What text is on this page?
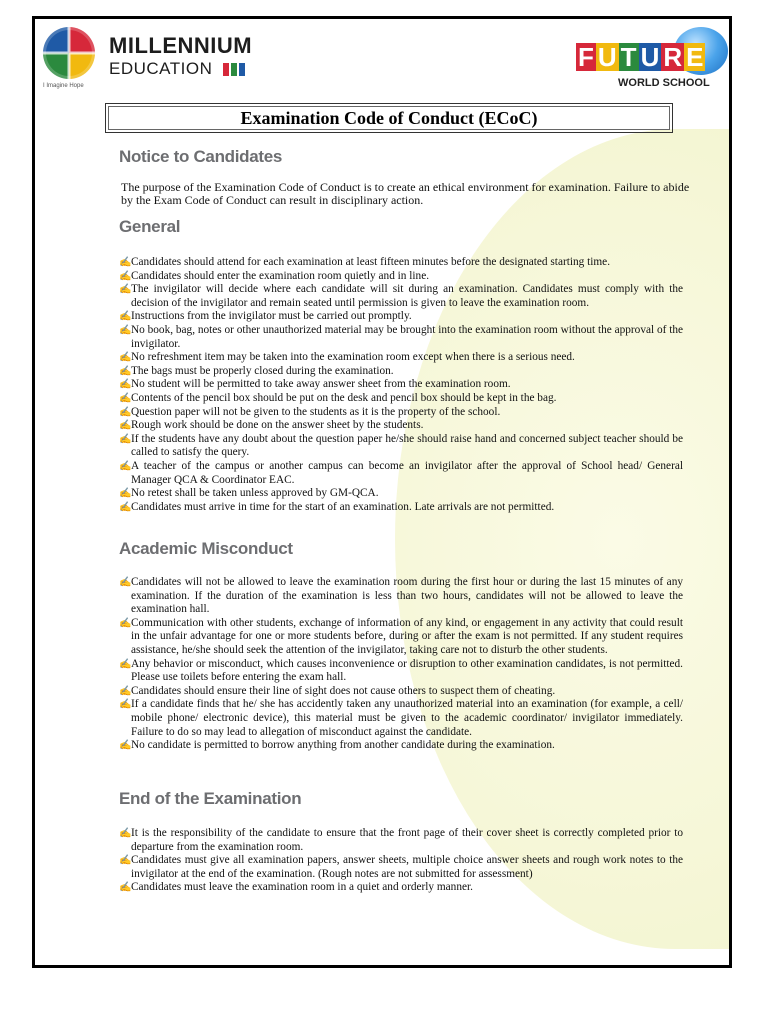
I Imagine Hope
MILLENNIUM
EDUCATION	F U T U R E
WORLD SCHOOL
Examination Code of Conduct (ECoC)
Notice to Candidates
The purpose of the Examination Code of Conduct is to create an ethical environment for examination. Failure to abide by the Exam Code of Conduct can result in disciplinary action.
General
✍ Candidates should attend for each examination at least fifteen minutes before the designated starting time.
✍ Candidates should enter the examination room quietly and in line.
✍ The invigilator will decide where each candidate will sit during an examination. Candidates must comply with the decision of the invigilator and remain seated until permission is given to leave the examination room.
✍ Instructions from the invigilator must be carried out promptly.
✍ No book, bag, notes or other unauthorized material may be brought into the examination room without the approval of the invigilator.
✍ No refreshment item may be taken into the examination room except when there is a serious need.
✍ The bags must be properly closed during the examination.
✍ No student will be permitted to take away answer sheet from the examination room.
✍ Contents of the pencil box should be put on the desk and pencil box should be kept in the bag.
✍ Question paper will not be given to the students as it is the property of the school.
✍ Rough work should be done on the answer sheet by the students.
✍ If the students have any doubt about the question paper he/she should raise hand and concerned subject teacher should be called to satisfy the query.
✍ A teacher of the campus or another campus can become an invigilator after the approval of School head/ General Manager QCA & Coordinator EAC.
✍ No retest shall be taken unless approved by GM-QCA.
✍ Candidates must arrive in time for the start of an examination. Late arrivals are not permitted.
Academic Misconduct
✍ Candidates will not be allowed to leave the examination room during the first hour or during the last 15 minutes of any examination. If the duration of the examination is less than two hours, candidates will not be allowed to leave the examination hall.
✍ Communication with other students, exchange of information of any kind, or engagement in any activity that could result in the unfair advantage for one or more students before, during or after the exam is not permitted. If any student requires assistance, he/she should seek the attention of the invigilator, taking care not to disturb the other students.
✍ Any behavior or misconduct, which causes inconvenience or disruption to other examination candidates, is not permitted. Please use toilets before entering the exam hall.
✍ Candidates should ensure their line of sight does not cause others to suspect them of cheating.
✍ If a candidate finds that he/ she has accidently taken any unauthorized material into an examination (for example, a cell/ mobile phone/ electronic device), this material must be given to the academic coordinator/ invigilator immediately. Failure to do so may lead to allegation of misconduct against the candidate.
✍ No candidate is permitted to borrow anything from another candidate during the examination.
End of the Examination
✍ It is the responsibility of the candidate to ensure that the front page of their cover sheet is correctly completed prior to departure from the examination room.
✍ Candidates must give all examination papers, answer sheets, multiple choice answer sheets and rough work notes to the invigilator at the end of the examination. (Rough notes are not submitted for assessment)
✍ Candidates must leave the examination room in a quiet and orderly manner.
